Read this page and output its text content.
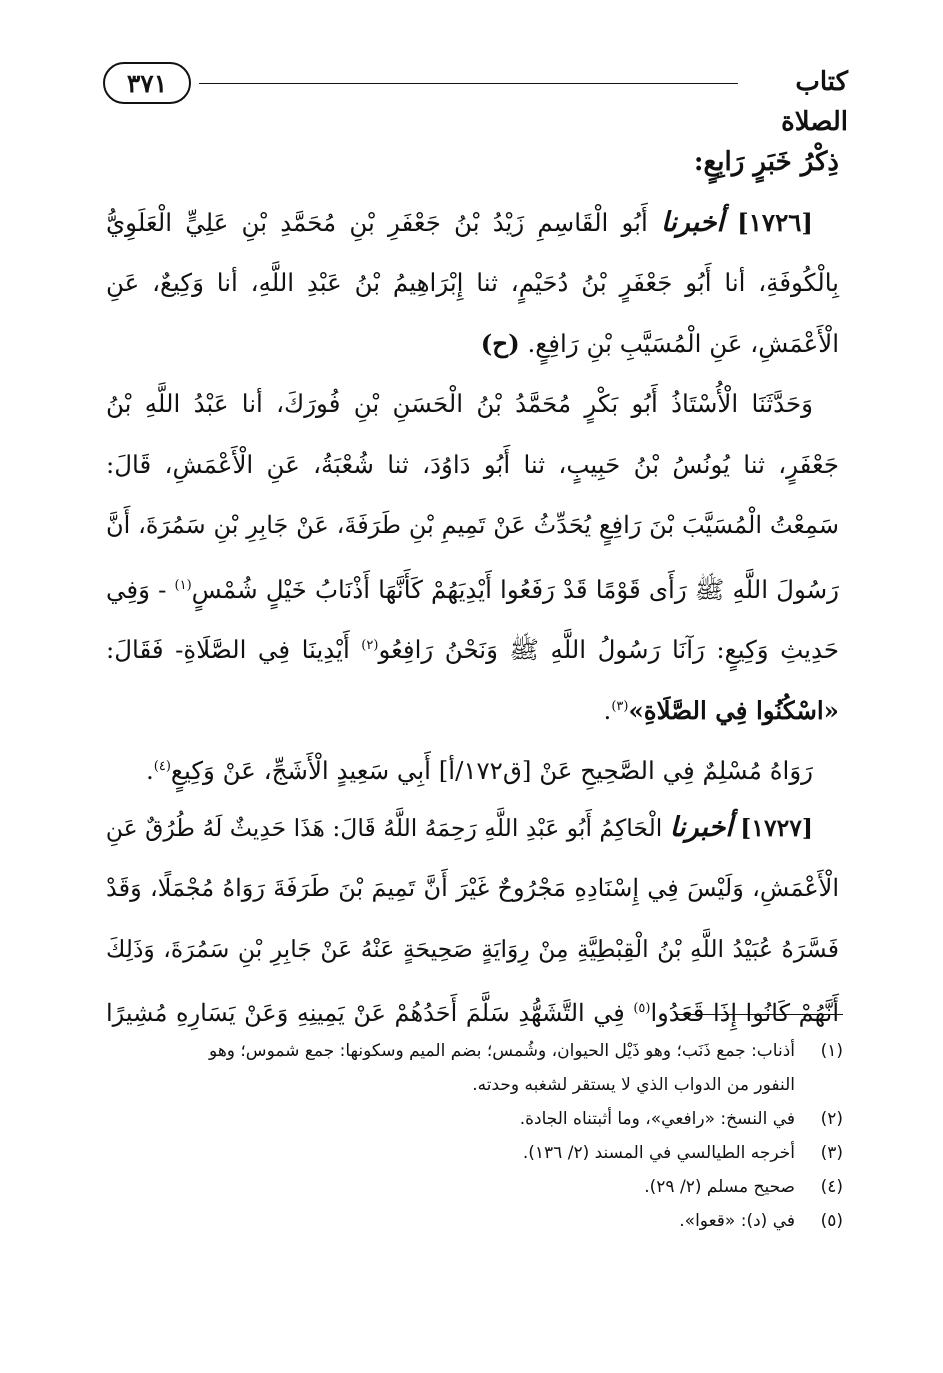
٣٧١	كتاب الصلاة
ذِكْرُ خَبَرٍ رَابِعٍ:
[١٧٢٦] أخبرنا أَبُو الْقَاسِمِ زَيْدُ بْنُ جَعْفَرِ بْنِ مُحَمَّدِ بْنِ عَلِيٍّ الْعَلَوِيُّ
بِالْكُوفَةِ، أنا أَبُو جَعْفَرٍ بْنُ دُحَيْمٍ، ثنا إِبْرَاهِيمُ بْنُ عَبْدِ اللَّهِ، أنا وَكِيعٌ، عَنِ
الْأَعْمَشِ، عَنِ الْمُسَيَّبِ بْنِ رَافِعٍ. (ح)
وَحَدَّثَنَا الْأُسْتَاذُ أَبُو بَكْرٍ مُحَمَّدُ بْنُ الْحَسَنِ بْنِ فُورَكَ، أنا عَبْدُ اللَّهِ بْنُ
جَعْفَرٍ، ثنا يُونُسُ بْنُ حَبِيبٍ، ثنا أَبُو دَاوُدَ، ثنا شُعْبَةُ، عَنِ الْأَعْمَشِ، قَالَ:
سَمِعْتُ الْمُسَيَّبَ بْنَ رَافِعٍ يُحَدِّثُ عَنْ تَمِيمِ بْنِ طَرَفَةَ، عَنْ جَابِرِ بْنِ سَمُرَةَ، أَنَّ
رَسُولَ اللَّهِ ﷺ رَأَى قَوْمًا قَدْ رَفَعُوا أَيْدِيَهُمْ كَأَنَّهَا أَذْنَابُ خَيْلٍ شُمْسٍ$^{(١)}$ - وَفِي
حَدِيثِ وَكِيعٍ: رَآنَا رَسُولُ اللَّهِ ﷺ وَنَحْنُ رَافِعُو$^{(٢)}$ أَيْدِينَا فِي الصَّلَاةِ- فَقَالَ:
«اسْكُنُوا فِي الصَّلَاةِ»$^{(٣)}$.
رَوَاهُ مُسْلِمٌ فِي الصَّحِيحِ عَنْ [ق١٧٢/أ] أَبِي سَعِيدٍ الْأَشَجِّ، عَنْ وَكِيعٍ$^{(٤)}$.
[١٧٢٧] أخبرنا الْحَاكِمُ أَبُو عَبْدِ اللَّهِ رَحِمَهُ اللَّهُ قَالَ: هَذَا حَدِيثٌ لَهُ طُرُقٌ عَنِ
الْأَعْمَشِ، وَلَيْسَ فِي إِسْنَادِهِ مَجْرُوحٌ غَيْرَ أَنَّ تَمِيمَ بْنَ طَرَفَةَ رَوَاهُ مُجْمَلًا، وَقَدْ
فَسَّرَهُ عُبَيْدُ اللَّهِ بْنُ الْقِبْطِيَّةِ مِنْ رِوَايَةٍ صَحِيحَةٍ عَنْهُ عَنْ جَابِرِ بْنِ سَمُرَةَ، وَذَلِكَ
أَنَّهُمْ كَانُوا إِذَا قَعَدُوا$^{(٥)}$ فِي التَّشَهُّدِ سَلَّمَ أَحَدُهُمْ عَنْ يَمِينِهِ وَعَنْ يَسَارِهِ مُشِيرًا
(١)
أذناب: جمع ذَنَب؛ وهو ذَيْل الحيوان، وشُمس؛ بضم الميم وسكونها: جمع شموس؛ وهو
النفور من الدواب الذي لا يستقر لشغبه وحدته.
(٢)
في النسخ: «رافعي»، وما أثبتناه الجادة.
(٣)
أخرجه الطيالسي في المسند (٢/ ١٣٦).
(٤)
صحيح مسلم (٢/ ٢٩).
(٥)
في (د): «قعوا».
